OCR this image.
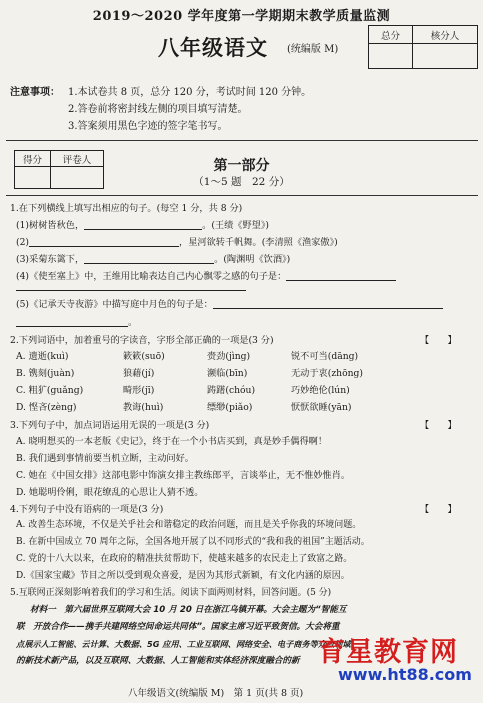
2019～2020 学年度第一学期期末教学质量监测
八年级语文 (统编版 M)
总分	核分人

注意事项： 1.本试卷共 8 页，总分 120 分，考试时间 120 分钟。
2.答卷前将密封线左侧的项目填写清楚。
3.答案须用黑色字迹的签字笔书写。
得分	评卷人
		第一部分
（1～5 题　22 分）
1.在下列横线上填写出相应的句子。(每空 1 分，共 8 分)
(1)树树皆秋色，	。(王绩《野望》)
(2)	，星河欲转千帆舞。(李清照《渔家傲》)
(3)采菊东篱下，	。(陶渊明《饮酒》)
(4)《使至塞上》中，王维用比喻表达自己内心飘零之感的句子是：
(5)《记承天寺夜游》中描写庭中月色的句子是：
。
2.下列词语中，加着重号的字读音，字形全部正确的一项是(3 分)	【　　】
A. 遗逝(kuì)	簌簌(suō)	赍劲(jìng)	锐不可当(dāng)
B. 镌刻(juàn)	狼藉(jí)	濒临(bīn)	无动于衷(zhōng)
C. 粗犷(guǎng)	畸形(jī)	踌躇(chóu)	巧妙绝伦(lún)
D. 悭吝(zèng)	教诲(huì)	缥缈(piǎo)	恹恹欲睡(yān)
3.下列句子中，加点词语运用无误的一项是(3 分)	【　　】
A. 晓明想买的一本老版《史记》，终于在一个小书店买到，真是妙手偶得啊！
B. 我们遇到事情前要当机立断，主动问好。
C. 她在《中国女排》这部电影中饰演女排主教练郎平，言谈举止，无不惟妙惟肖。
D. 她聪明伶俐，眼花缭乱的心思让人猜不透。
4.下列句子中没有语病的一项是(3 分)	【　　】
A. 改善生态环境，不仅是关乎社会和谐稳定的政治问题，而且是关乎你我的环境问题。
B. 在新中国成立 70 周年之际，全国各地开展了以不同形式的“我和我的祖国”主题活动。
C. 党的十八大以来，在政府的精准扶贫帮助下，使越来越多的农民走上了致富之路。
D.《国家宝藏》节目之所以受到观众喜爱，是因为其形式新颖，有文化内涵的原因。
5.互联网正深刻影响着我们的学习和生活。阅读下面两则材料，回答问题。(5 分)
材料一　第六届世界互联网大会 10 月 20 日在浙江乌镇开幕。大会主题为“智能互
联　开放合作——携手共建网络空间命运共同体”。国家主席习近平致贺信。大会将重
点展示人工智能、云计算、大数据、5G 应用、工业互联网、网络安全、电子商务等众点领域
的新技术新产品，以及互联网、大数据、人工智能和实体经济深度融合的新
八年级语文(统编版 M)　第 1 页(共 8 页)
育星教育网
www.ht88.com
